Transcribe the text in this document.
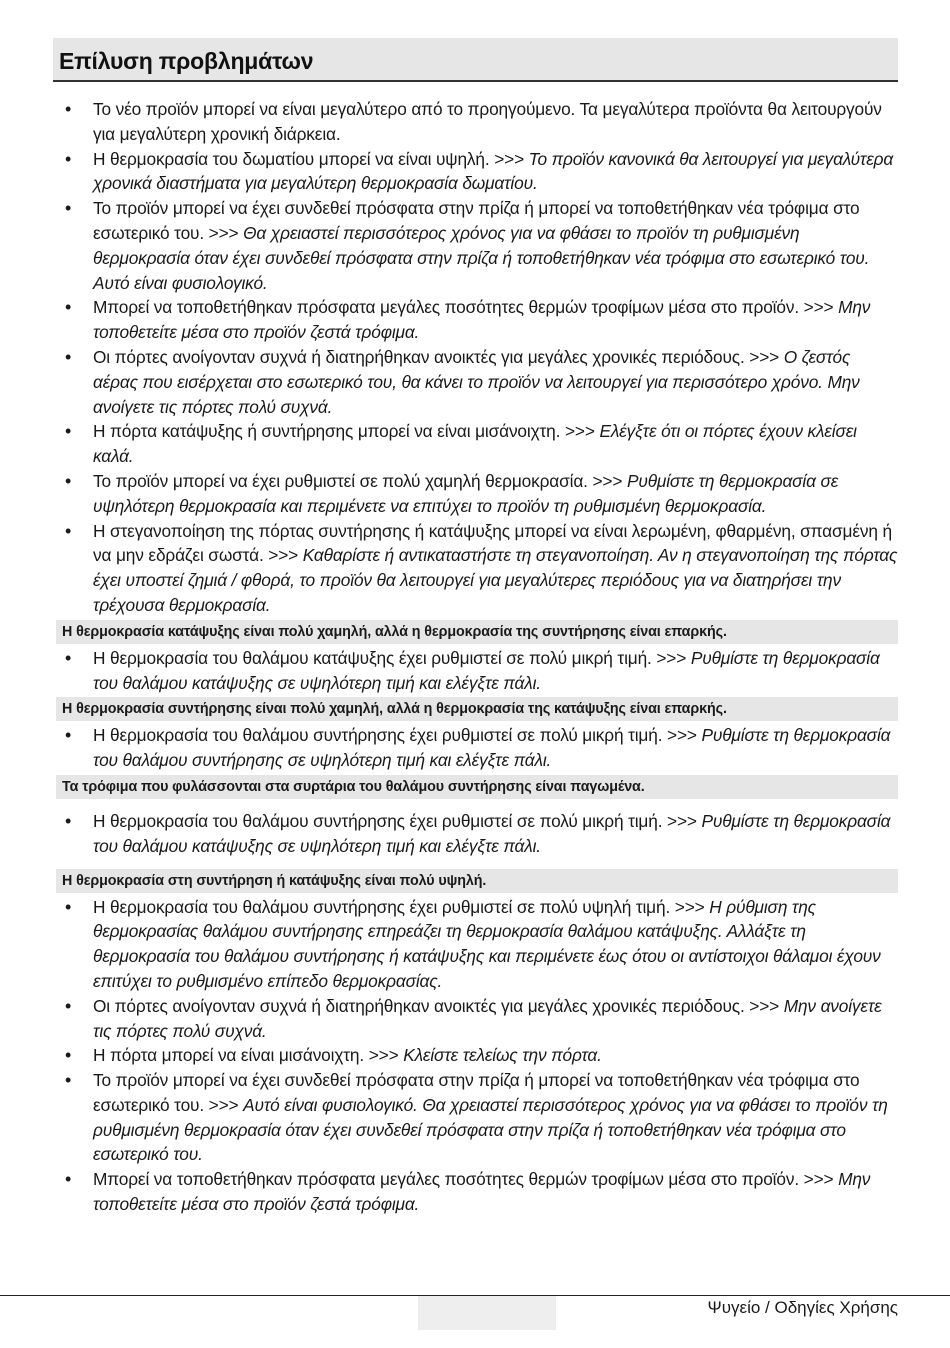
Επίλυση προβλημάτων
• Το νέο προϊόν μπορεί να είναι μεγαλύτερο από το προηγούμενο. Τα μεγαλύτερα προϊόντα θα λειτουργούν για μεγαλύτερη χρονική διάρκεια.
• Η θερμοκρασία του δωματίου μπορεί να είναι υψηλή. >>> Το προϊόν κανονικά θα λειτουργεί για μεγαλύτερα χρονικά διαστήματα για μεγαλύτερη θερμοκρασία δωματίου.
• Το προϊόν μπορεί να έχει συνδεθεί πρόσφατα στην πρίζα ή μπορεί να τοποθετήθηκαν νέα τρόφιμα στο εσωτερικό του. >>> Θα χρειαστεί περισσότερος χρόνος για να φθάσει το προϊόν τη ρυθμισμένη θερμοκρασία όταν έχει συνδεθεί πρόσφατα στην πρίζα ή τοποθετήθηκαν νέα τρόφιμα στο εσωτερικό του. Αυτό είναι φυσιολογικό.
• Μπορεί να τοποθετήθηκαν πρόσφατα μεγάλες ποσότητες θερμών τροφίμων μέσα στο προϊόν. >>> Μην τοποθετείτε μέσα στο προϊόν ζεστά τρόφιμα.
• Οι πόρτες ανοίγονταν συχνά ή διατηρήθηκαν ανοικτές για μεγάλες χρονικές περιόδους. >>> Ο ζεστός αέρας που εισέρχεται στο εσωτερικό του, θα κάνει το προϊόν να λειτουργεί για περισσότερο χρόνο. Μην ανοίγετε τις πόρτες πολύ συχνά.
• Η πόρτα κατάψυξης ή συντήρησης μπορεί να είναι μισάνοιχτη. >>> Ελέγξτε ότι οι πόρτες έχουν κλείσει καλά.
• Το προϊόν μπορεί να έχει ρυθμιστεί σε πολύ χαμηλή θερμοκρασία. >>> Ρυθμίστε τη θερμοκρασία σε υψηλότερη θερμοκρασία και περιμένετε να επιτύχει το προϊόν τη ρυθμισμένη θερμοκρασία.
• Η στεγανοποίηση της πόρτας συντήρησης ή κατάψυξης μπορεί να είναι λερωμένη, φθαρμένη, σπασμένη ή να μην εδράζει σωστά. >>> Καθαρίστε ή αντικαταστήστε τη στεγανοποίηση. Αν η στεγανοποίηση της πόρτας έχει υποστεί ζημιά / φθορά, το προϊόν θα λειτουργεί για μεγαλύτερες περιόδους για να διατηρήσει την τρέχουσα θερμοκρασία.
Η θερμοκρασία κατάψυξης είναι πολύ χαμηλή, αλλά η θερμοκρασία της συντήρησης είναι επαρκής.
• Η θερμοκρασία του θαλάμου κατάψυξης έχει ρυθμιστεί σε πολύ μικρή τιμή. >>> Ρυθμίστε τη θερμοκρασία του θαλάμου κατάψυξης σε υψηλότερη τιμή και ελέγξτε πάλι.
Η θερμοκρασία συντήρησης είναι πολύ χαμηλή, αλλά η θερμοκρασία της κατάψυξης είναι επαρκής.
• Η θερμοκρασία του θαλάμου συντήρησης έχει ρυθμιστεί σε πολύ μικρή τιμή. >>> Ρυθμίστε τη θερμοκρασία του θαλάμου συντήρησης σε υψηλότερη τιμή και ελέγξτε πάλι.
Τα τρόφιμα που φυλάσσονται στα συρτάρια του θαλάμου συντήρησης είναι παγωμένα.
• Η θερμοκρασία του θαλάμου συντήρησης έχει ρυθμιστεί σε πολύ μικρή τιμή. >>> Ρυθμίστε τη θερμοκρασία του θαλάμου κατάψυξης σε υψηλότερη τιμή και ελέγξτε πάλι.
Η θερμοκρασία στη συντήρηση ή κατάψυξης είναι πολύ υψηλή.
• Η θερμοκρασία του θαλάμου συντήρησης έχει ρυθμιστεί σε πολύ υψηλή τιμή. >>> Η ρύθμιση της θερμοκρασίας θαλάμου συντήρησης επηρεάζει τη θερμοκρασία θαλάμου κατάψυξης. Αλλάξτε τη θερμοκρασία του θαλάμου συντήρησης ή κατάψυξης και περιμένετε έως ότου οι αντίστοιχοι θάλαμοι έχουν επιτύχει το ρυθμισμένο επίπεδο θερμοκρασίας.
• Οι πόρτες ανοίγονταν συχνά ή διατηρήθηκαν ανοικτές για μεγάλες χρονικές περιόδους. >>> Μην ανοίγετε τις πόρτες πολύ συχνά.
• Η πόρτα μπορεί να είναι μισάνοιχτη. >>> Κλείστε τελείως την πόρτα.
• Το προϊόν μπορεί να έχει συνδεθεί πρόσφατα στην πρίζα ή μπορεί να τοποθετήθηκαν νέα τρόφιμα στο εσωτερικό του. >>> Αυτό είναι φυσιολογικό. Θα χρειαστεί περισσότερος χρόνος για να φθάσει το προϊόν τη ρυθμισμένη θερμοκρασία όταν έχει συνδεθεί πρόσφατα στην πρίζα ή τοποθετήθηκαν νέα τρόφιμα στο εσωτερικό του.
• Μπορεί να τοποθετήθηκαν πρόσφατα μεγάλες ποσότητες θερμών τροφίμων μέσα στο προϊόν. >>> Μην τοποθετείτε μέσα στο προϊόν ζεστά τρόφιμα.
Ψυγείο / Οδηγίες Χρήσης
